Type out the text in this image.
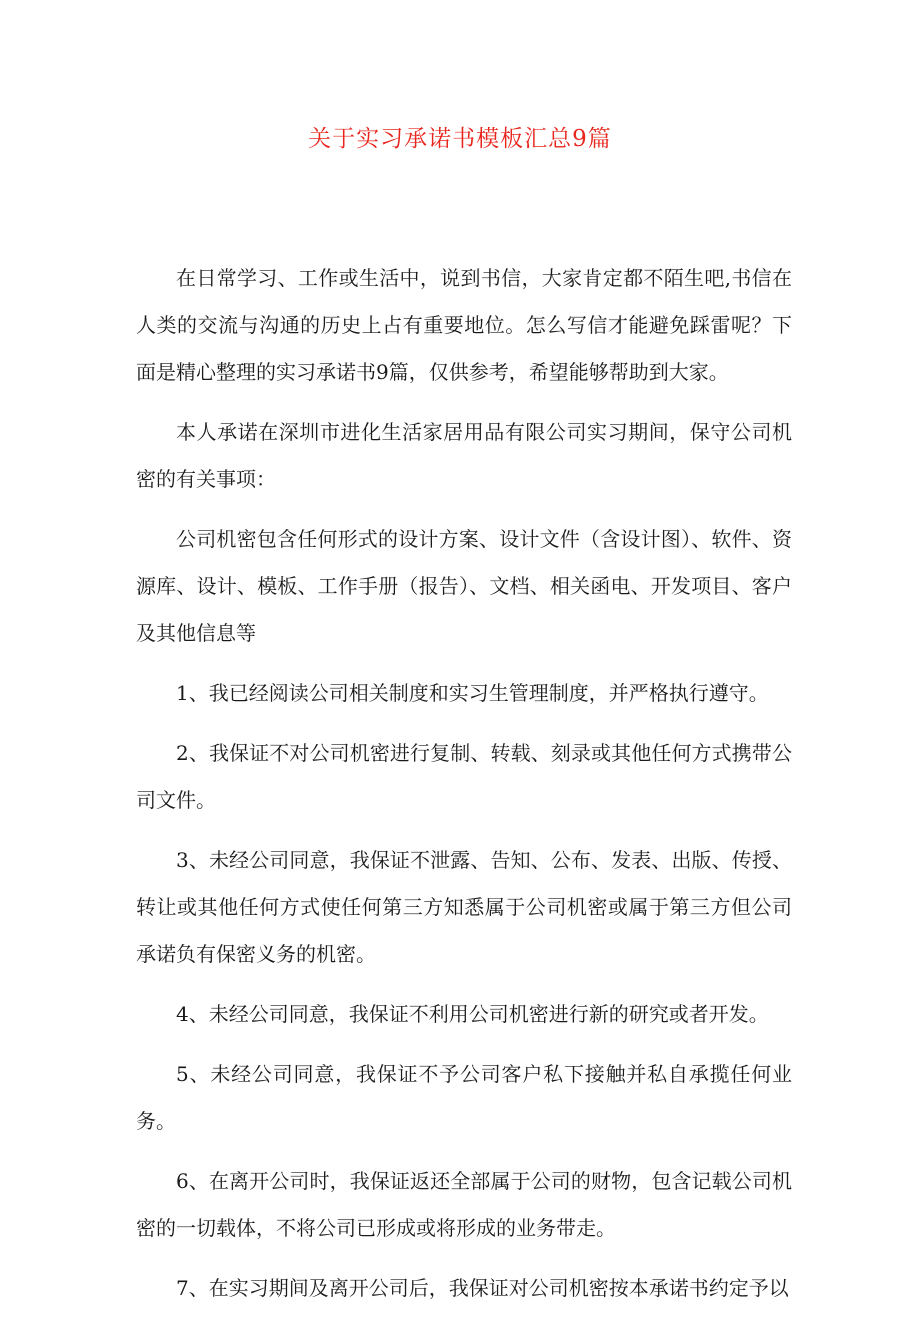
关于实习承诺书模板汇总9篇

在日常学习、工作或生活中，说到书信，大家肯定都不陌生吧,书信在人类的交流与沟通的历史上占有重要地位。怎么写信才能避免踩雷呢？下面是精心整理的实习承诺书9篇，仅供参考，希望能够帮助到大家。

本人承诺在深圳市进化生活家居用品有限公司实习期间，保守公司机密的有关事项：

公司机密包含任何形式的设计方案、设计文件（含设计图）、软件、资源库、设计、模板、工作手册（报告）、文档、相关函电、开发项目、客户及其他信息等

1、我已经阅读公司相关制度和实习生管理制度，并严格执行遵守。

2、我保证不对公司机密进行复制、转载、刻录或其他任何方式携带公司文件。

3、未经公司同意，我保证不泄露、告知、公布、发表、出版、传授、转让或其他任何方式使任何第三方知悉属于公司机密或属于第三方但公司承诺负有保密义务的机密。

4、未经公司同意，我保证不利用公司机密进行新的研究或者开发。

5、未经公司同意，我保证不予公司客户私下接触并私自承揽任何业务。

6、在离开公司时，我保证返还全部属于公司的财物，包含记载公司机密的一切载体，不将公司已形成或将形成的业务带走。

7、在实习期间及离开公司后，我保证对公司机密按本承诺书约定予以
